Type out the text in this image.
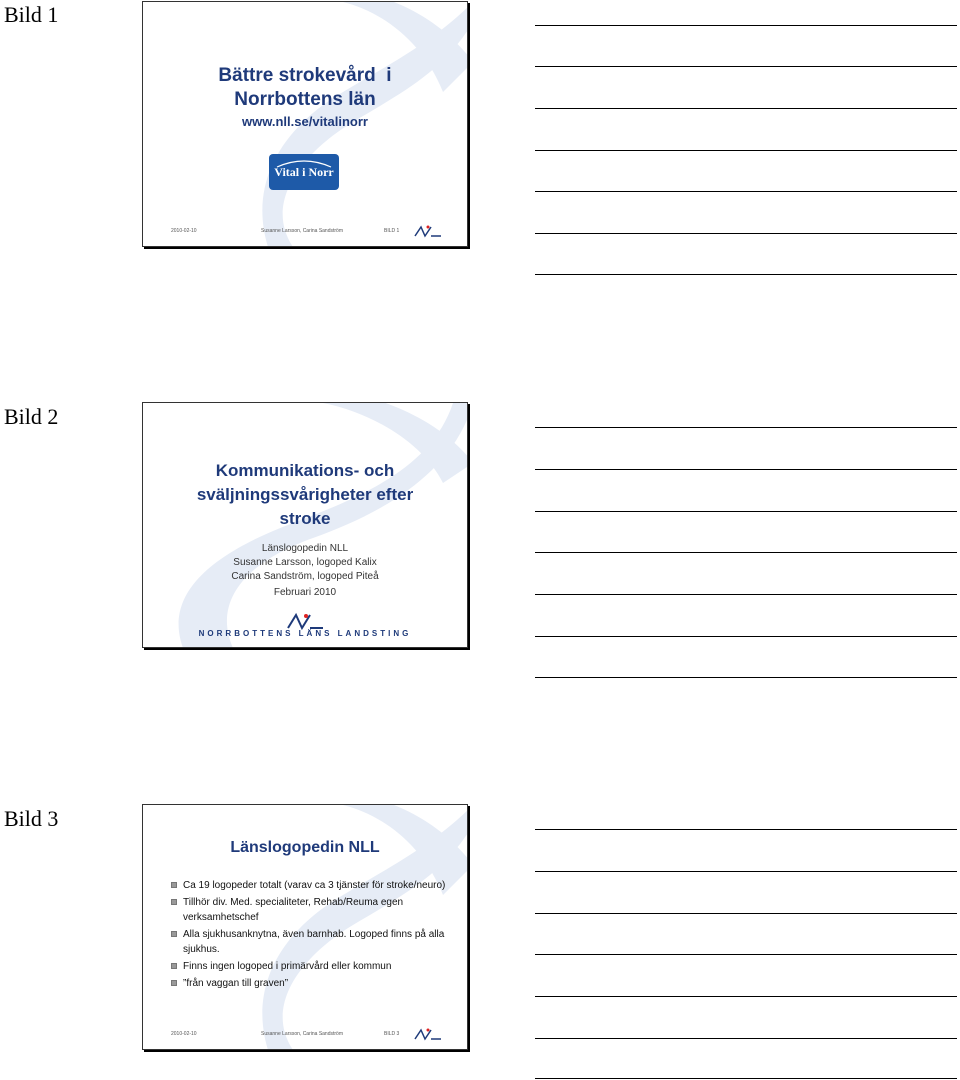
Bild 1
Bättre strokevård  i
Norrbottens län
www.nll.se/vitalinorr
Vital i Norr
2010-02-10	Susanne Larsson, Carina Sandström	BILD 1
Bild 2
Kommunikations- och
sväljningssvårigheter efter
stroke
Länslogopedin NLL
Susanne Larsson, logoped Kalix
Carina Sandström, logoped Piteå
Februari 2010
NORRBOTTENS LÄNS LANDSTING
Bild 3
Länslogopedin NLL
Ca 19 logopeder totalt (varav ca 3 tjänster för stroke/neuro)
Tillhör div. Med. specialiteter, Rehab/Reuma egen verksamhetschef
Alla sjukhusanknytna, även barnhab. Logoped finns på alla sjukhus.
Finns ingen logoped i primärvård eller kommun
”från vaggan till graven”
2010-02-10	Susanne Larsson, Carina Sandström	BILD 3
